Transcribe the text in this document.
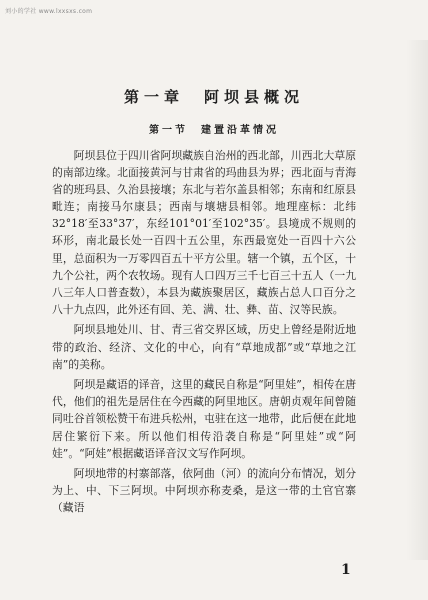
刘小的学社 www.lxxsxs.com
第一章　阿坝县概况
第一节　建置沿革情况

阿坝县位于四川省阿坝藏族自治州的西北部，川西北大草原的南部边缘。北面接黄河与甘肃省的玛曲县为界；西北面与青海省的班玛县、久治县接壤；东北与若尔盖县相邻；东南和红原县毗连；南接马尔康县；西南与壤塘县相邻。地理座标：北纬32°18′至33°37′，东经101°01′至102°35′。县境成不规则的环形，南北最长处一百四十五公里，东西最宽处一百四十六公里，总面积为一万零四百五十平方公里。辖一个镇，五个区，十九个公社，两个农牧场。现有人口四万三千七百三十五人（一九八三年人口普查数），本县为藏族聚居区，藏族占总人口百分之八十九点四，此外还有回、羌、满、壮、彝、苗、汉等民族。

阿坝县地处川、甘、青三省交界区域，历史上曾经是附近地带的政治、经济、文化的中心，向有“草地成都”或“草地之江南”的美称。

阿坝是藏语的译音，这里的藏民自称是“阿里娃”，相传在唐代，他们的祖先是居住在今西藏的阿里地区。唐朝贞观年间曾随同吐谷首领松赞干布进兵松州，屯驻在这一地带，此后便在此地居住繁衍下来。所以他们相传沿袭自称是“阿里娃”或“阿娃”。“阿娃”根据藏语译音汉文写作阿坝。

阿坝地带的村寨部落，依阿曲（河）的流向分布情况，划分为上、中、下三阿坝。中阿坝亦称麦桑，是这一带的土官官寨（藏语

1
